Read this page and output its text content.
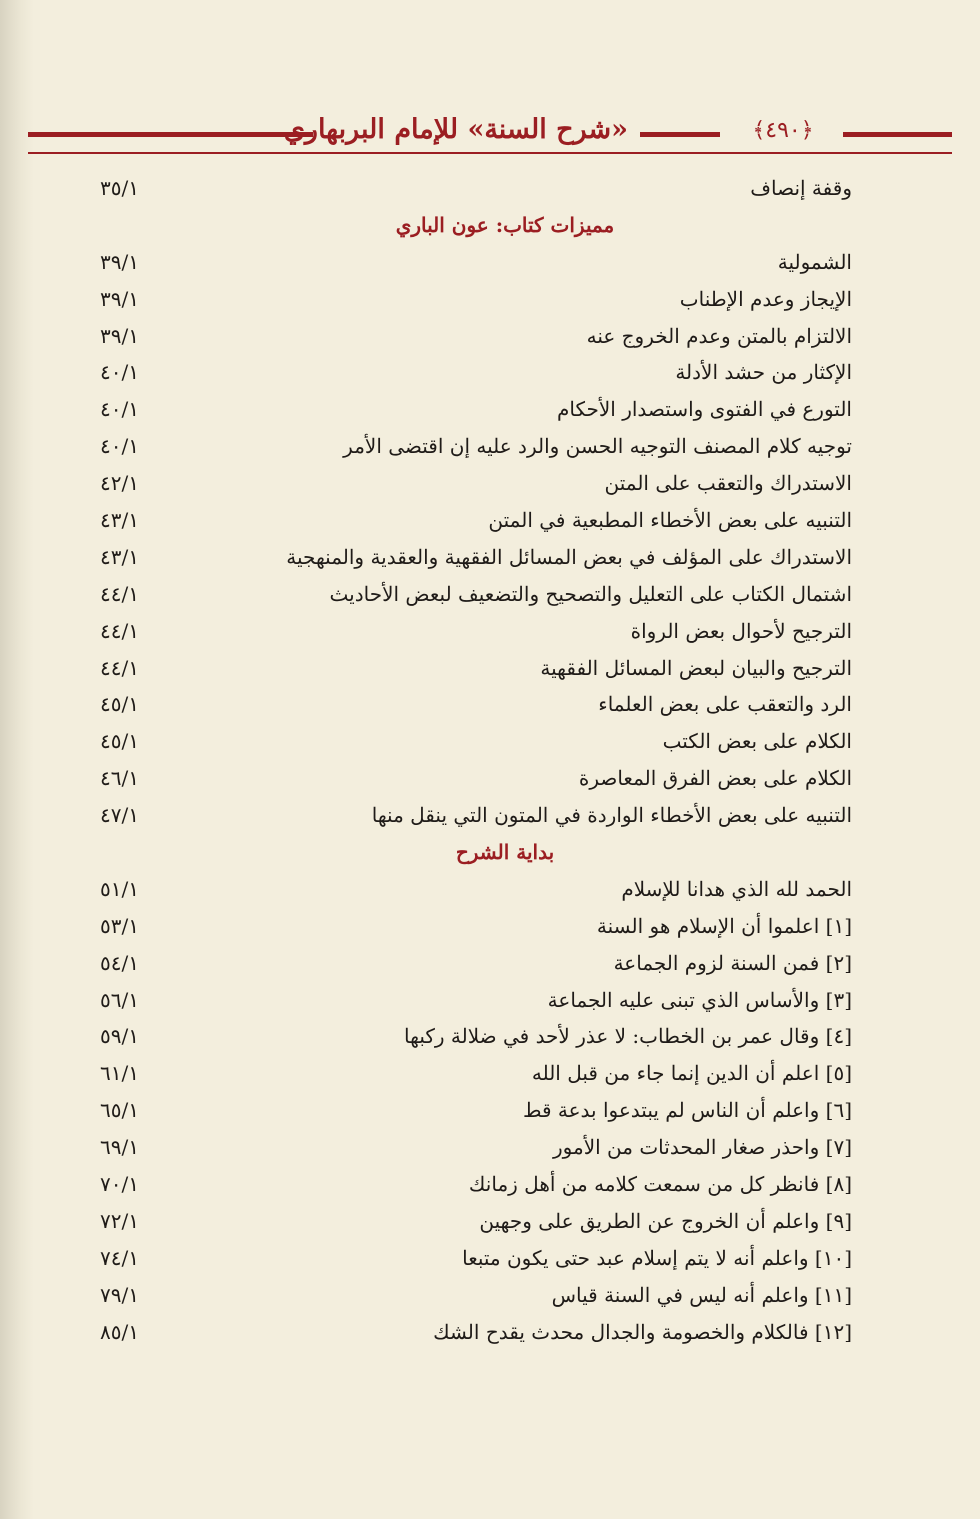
«شرح السنة» للإمام البربهاري	﴿٤٩٠﴾
وقفة إنصاف
٣٥/١
مميزات كتاب: عون الباري
الشمولية
٣٩/١
الإيجاز وعدم الإطناب
٣٩/١
الالتزام بالمتن وعدم الخروج عنه
٣٩/١
الإكثار من حشد الأدلة
٤٠/١
التورع في الفتوى واستصدار الأحكام
٤٠/١
توجيه كلام المصنف التوجيه الحسن والرد عليه إن اقتضى الأمر
٤٠/١
الاستدراك والتعقب على المتن
٤٢/١
التنبيه على بعض الأخطاء المطبعية في المتن
٤٣/١
الاستدراك على المؤلف في بعض المسائل الفقهية والعقدية والمنهجية
٤٣/١
اشتمال الكتاب على التعليل والتصحيح والتضعيف لبعض الأحاديث
٤٤/١
الترجيح لأحوال بعض الرواة
٤٤/١
الترجيح والبيان لبعض المسائل الفقهية
٤٤/١
الرد والتعقب على بعض العلماء
٤٥/١
الكلام على بعض الكتب
٤٥/١
الكلام على بعض الفرق المعاصرة
٤٦/١
التنبيه على بعض الأخطاء الواردة في المتون التي ينقل منها
٤٧/١
بداية الشرح
الحمد لله الذي هدانا للإسلام
٥١/١
[١] اعلموا أن الإسلام هو السنة
٥٣/١
[٢] فمن السنة لزوم الجماعة
٥٤/١
[٣] والأساس الذي تبنى عليه الجماعة
٥٦/١
[٤] وقال عمر بن الخطاب: لا عذر لأحد في ضلالة ركبها
٥٩/١
[٥] اعلم أن الدين إنما جاء من قبل الله
٦١/١
[٦] واعلم أن الناس لم يبتدعوا بدعة قط
٦٥/١
[٧] واحذر صغار المحدثات من الأمور
٦٩/١
[٨] فانظر كل من سمعت كلامه من أهل زمانك
٧٠/١
[٩] واعلم أن الخروج عن الطريق على وجهين
٧٢/١
[١٠] واعلم أنه لا يتم إسلام عبد حتى يكون متبعا
٧٤/١
[١١] واعلم أنه ليس في السنة قياس
٧٩/١
[١٢] فالكلام والخصومة والجدال محدث يقدح الشك
٨٥/١
